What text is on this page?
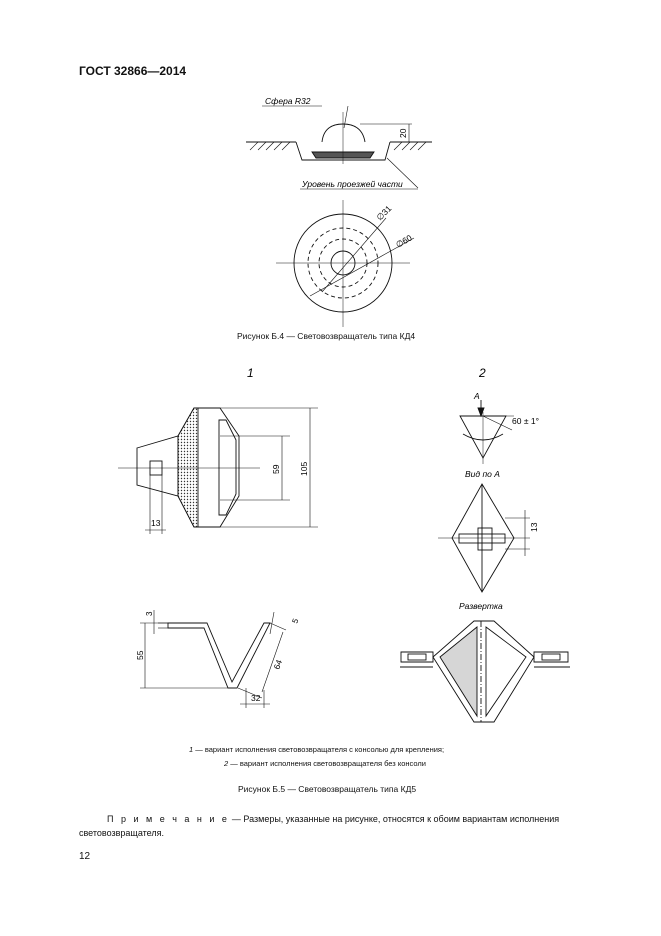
ГОСТ 32866—2014
Сфера R32
20
Уровень проезжей части
∅31
∅60
1
59 105
13
3
55
5
64
32
2
A
60 ± 1°
Вид по А
13
Развертка
Рисунок Б.4 — Световозвращатель типа КД4
1 — вариант исполнения световозвращателя с консолью для крепления;
2 — вариант исполнения световозвращателя без консоли
Рисунок Б.5 — Световозвращатель типа КД5
П р и м е ч а н и е — Размеры, указанные на рисунке, относятся к обоим вариантам исполнения световозвращателя.
12
